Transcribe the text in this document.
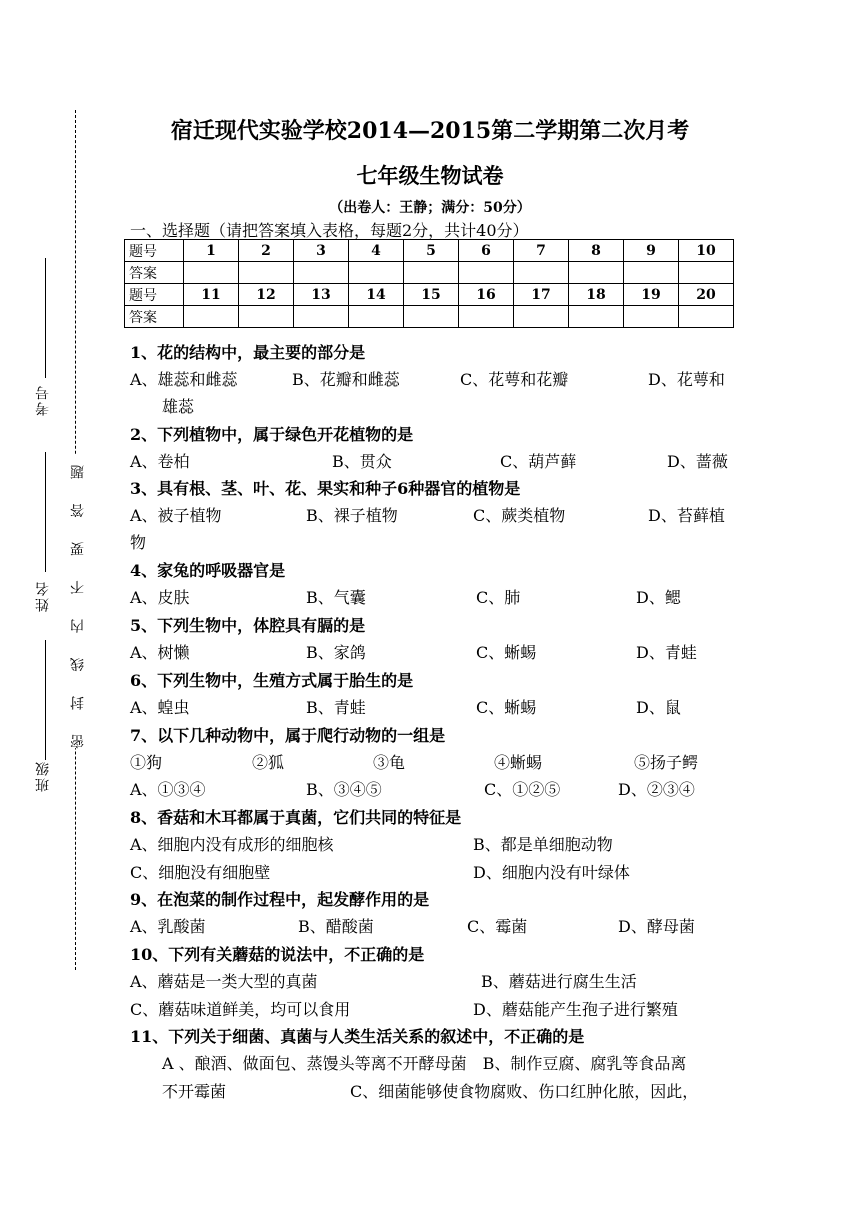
考号
姓名
班级
密 封 线 内 不 要 答 题
宿迁现代实验学校2014—2015第二学期第二次月考
七年级生物试卷
（出卷人：王静；满分：50分）
一、选择题（请把答案填入表格，每题2分，共计40分）
题号	1	2	3	4	5	6	7	8	9	10
答案										
题号	11	12	13	14	15	16	17	18	19	20
答案										
1、花的结构中，最主要的部分是
A、雄蕊和雌蕊	B、花瓣和雌蕊	C、花萼和花瓣	D、花萼和
雄蕊
2、下列植物中，属于绿色开花植物的是
A、卷柏	B、贯众	C、葫芦藓	D、蔷薇
3、具有根、茎、叶、花、果实和种子6种器官的植物是
A、被子植物	B、裸子植物	C、蕨类植物	D、苔藓植
物
4、家兔的呼吸器官是
A、皮肤	B、气囊	C、肺	D、鳃
5、下列生物中，体腔具有膈的是
A、树懒	B、家鸽	C、蜥蜴	D、青蛙
6、下列生物中，生殖方式属于胎生的是
A、蝗虫	B、青蛙	C、蜥蜴	D、鼠
7、以下几种动物中，属于爬行动物的一组是
①狗	②狐	③龟	④蜥蜴	⑤扬子鳄
A、①③④	B、③④⑤	C、①②⑤	D、②③④
8、香菇和木耳都属于真菌，它们共同的特征是
A、细胞内没有成形的细胞核	B、都是单细胞动物
C、细胞没有细胞壁	D、细胞内没有叶绿体
9、在泡菜的制作过程中，起发酵作用的是
A、乳酸菌	B、醋酸菌	C、霉菌	D、酵母菌
10、下列有关蘑菇的说法中，不正确的是
A、蘑菇是一类大型的真菌	B、蘑菇进行腐生生活
C、蘑菇味道鲜美，均可以食用	D、蘑菇能产生孢子进行繁殖
11、下列关于细菌、真菌与人类生活关系的叙述中，不正确的是
A 、酿酒、做面包、蒸馒头等离不开酵母菌　B、制作豆腐、腐乳等食品离
不开霉菌	C、细菌能够使食物腐败、伤口红肿化脓，因此，
